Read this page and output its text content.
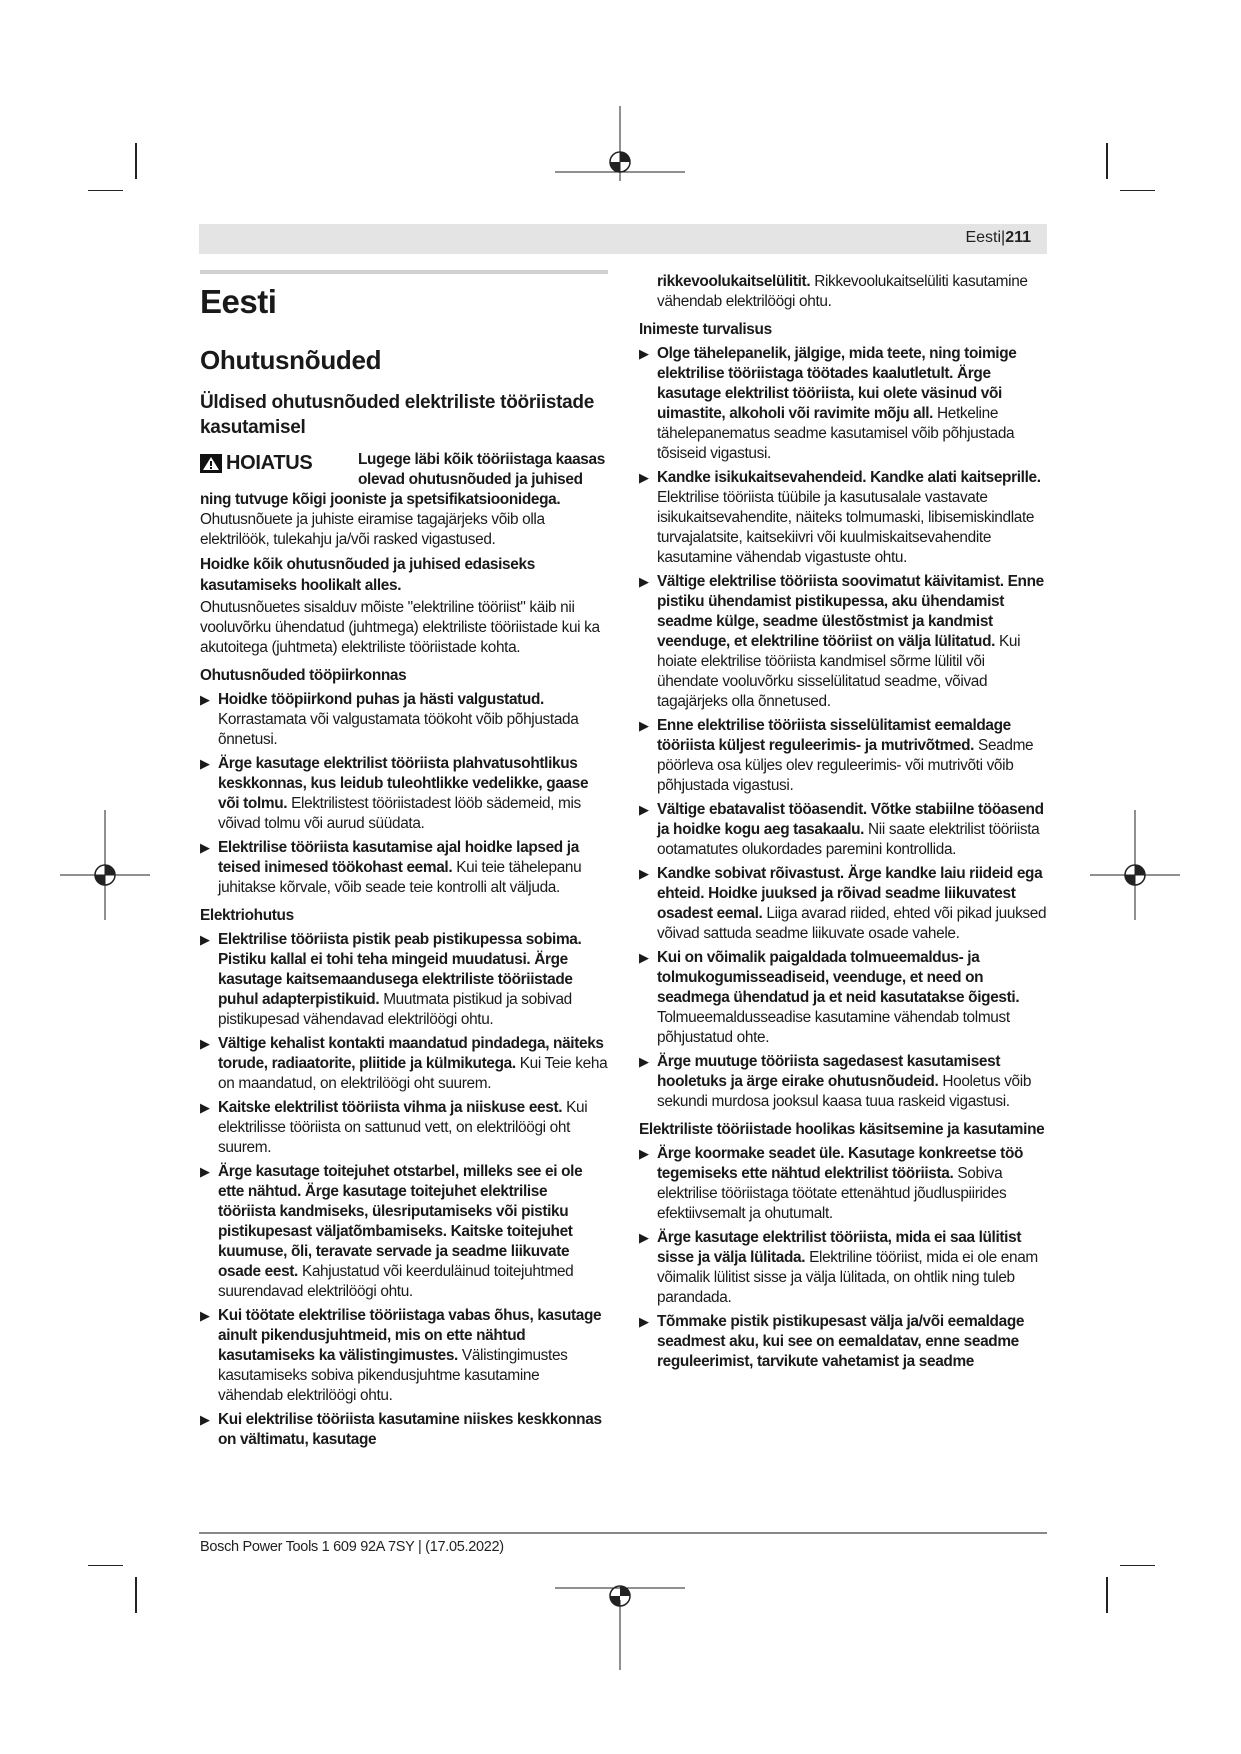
Eesti|211
Eesti
Ohutusnõuded
Üldised ohutusnõuded elektriliste tööriistade kasutamisel
HOIATUS	Lugege läbi kõik tööriistaga kaasas olevad ohutusnõuded ja juhised

ning tutvuge kõigi jooniste ja spetsifikatsioonidega.

Ohutusnõuete ja juhiste eiramise tagajärjeks võib olla elektrilöök, tulekahju ja/või rasked vigastused.

Hoidke kõik ohutusnõuded ja juhised edasiseks kasutamiseks hoolikalt alles.

Ohutusnõuetes sisalduv mõiste "elektriline tööriist" käib nii vooluvõrku ühendatud (juhtmega) elektriliste tööriistade kui ka akutoitega (juhtmeta) elektriliste tööriistade kohta.

Ohutusnõuded tööpiirkonnas
▶ Hoidke tööpiirkond puhas ja hästi valgustatud.
Korrastamata või valgustamata töökoht võib põhjustada õnnetusi.
▶ Ärge kasutage elektrilist tööriista plahvatusohtlikus keskkonnas, kus leidub tuleohtlikke vedelikke, gaase või tolmu. Elektrilistest tööriistadest lööb sädemeid, mis võivad tolmu või aurud süüdata.
▶ Elektrilise tööriista kasutamise ajal hoidke lapsed ja teised inimesed töökohast eemal. Kui teie tähelepanu juhitakse kõrvale, võib seade teie kontrolli alt väljuda.
Elektriohutus
▶ Elektrilise tööriista pistik peab pistikupessa sobima. Pistiku kallal ei tohi teha mingeid muudatusi. Ärge kasutage kaitsemaandusega elektriliste tööriistade puhul adapterpistikuid. Muutmata pistikud ja sobivad pistikupesad vähendavad elektrilöögi ohtu.
▶ Vältige kehalist kontakti maandatud pindadega, näiteks torude, radiaatorite, pliitide ja külmikutega. Kui Teie keha on maandatud, on elektrilöögi oht suurem.
▶ Kaitske elektrilist tööriista vihma ja niiskuse eest. Kui elektrilisse tööriista on sattunud vett, on elektrilöögi oht suurem.
▶ Ärge kasutage toitejuhet otstarbel, milleks see ei ole ette nähtud. Ärge kasutage toitejuhet elektrilise tööriista kandmiseks, ülesriputamiseks või pistiku pistikupesast väljatõmbamiseks. Kaitske toitejuhet kuumuse, õli, teravate servade ja seadme liikuvate osade eest. Kahjustatud või keerduläinud toitejuhtmed suurendavad elektrilöögi ohtu.
▶ Kui töötate elektrilise tööriistaga vabas õhus, kasutage ainult pikendusjuhtmeid, mis on ette nähtud kasutamiseks ka välistingimustes. Välistingimustes kasutamiseks sobiva pikendusjuhtme kasutamine vähendab elektrilöögi ohtu.
▶ Kui elektrilise tööriista kasutamine niiskes keskkonnas on vältimatu, kasutage

rikkevoolukaitselülitit. Rikkevoolukaitselüliti kasutamine vähendab elektrilöögi ohtu.

Inimeste turvalisus
▶ Olge tähelepanelik, jälgige, mida teete, ning toimige elektrilise tööriistaga töötades kaalutletult. Ärge kasutage elektrilist tööriista, kui olete väsinud või uimastite, alkoholi või ravimite mõju all. Hetkeline tähelepanematus seadme kasutamisel võib põhjustada tõsiseid vigastusi.
▶ Kandke isikukaitsevahendeid. Kandke alati kaitseprille. Elektrilise tööriista tüübile ja kasutusalale vastavate isikukaitsevahendite, näiteks tolmumaski, libisemiskindlate turvajalatsite, kaitsekiivri või kuulmiskaitsevahendite kasutamine vähendab vigastuste ohtu.
▶ Vältige elektrilise tööriista soovimatut käivitamist. Enne pistiku ühendamist pistikupessa, aku ühendamist seadme külge, seadme ülestõstmist ja kandmist veenduge, et elektriline tööriist on välja lülitatud. Kui hoiate elektrilise tööriista kandmisel sõrme lülitil või ühendate vooluvõrku sisselülitatud seadme, võivad tagajärjeks olla õnnetused.
▶ Enne elektrilise tööriista sisselülitamist eemaldage tööriista küljest reguleerimis- ja mutrivõtmed. Seadme pöörleva osa küljes olev reguleerimis- või mutrivõti võib põhjustada vigastusi.
▶ Vältige ebatavalist tööasendit. Võtke stabiilne tööasend ja hoidke kogu aeg tasakaalu. Nii saate elektrilist tööriista ootamatutes olukordades paremini kontrollida.
▶ Kandke sobivat rõivastust. Ärge kandke laiu riideid ega ehteid. Hoidke juuksed ja rõivad seadme liikuvatest osadest eemal. Liiga avarad riided, ehted või pikad juuksed võivad sattuda seadme liikuvate osade vahele.
▶ Kui on võimalik paigaldada tolmueemaldus- ja tolmukogumisseadiseid, veenduge, et need on seadmega ühendatud ja et neid kasutatakse õigesti. Tolmueemaldusseadise kasutamine vähendab tolmust põhjustatud ohte.
▶ Ärge muutuge tööriista sagedasest kasutamisest hooletuks ja ärge eirake ohutusnõudeid. Hooletus võib sekundi murdosa jooksul kaasa tuua raskeid vigastusi.
Elektriliste tööriistade hoolikas käsitsemine ja kasutamine
▶ Ärge koormake seadet üle. Kasutage konkreetse töö tegemiseks ette nähtud elektrilist tööriista. Sobiva elektrilise tööriistaga töötate ettenähtud jõudluspiirides efektiivsemalt ja ohutumalt.
▶ Ärge kasutage elektrilist tööriista, mida ei saa lülitist sisse ja välja lülitada. Elektriline tööriist, mida ei ole enam võimalik lülitist sisse ja välja lülitada, on ohtlik ning tuleb parandada.
▶ Tõmmake pistik pistikupesast välja ja/või eemaldage seadmest aku, kui see on eemaldatav, enne seadme reguleerimist, tarvikute vahetamist ja seadme
Bosch Power Tools 1 609 92A 7SY | (17.05.2022)
